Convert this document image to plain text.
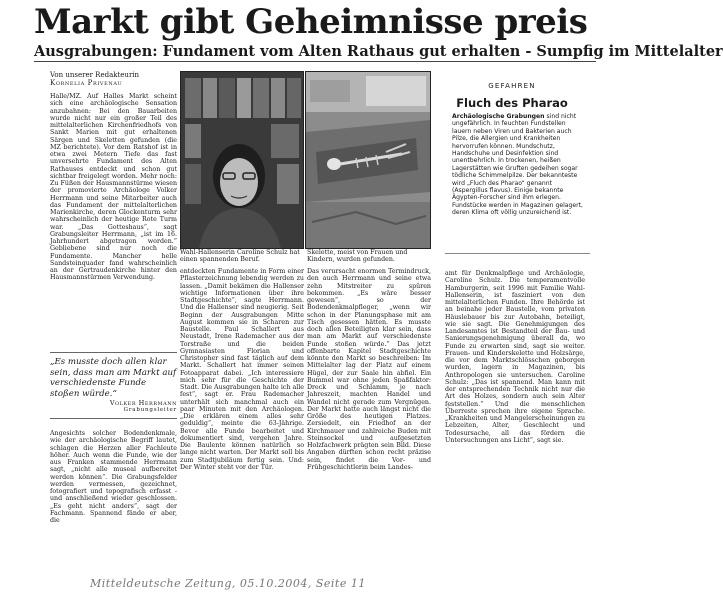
Markt gibt Geheimnisse preis
Ausgrabungen: Fundament vom Alten Rathaus gut erhalten - Sumpfig im Mittelalter
Von unserer Redakteurin
Kornelia Privenau

Halle/MZ. Auf Halles Markt scheint sich eine archäologische Sensation anzubahnen: Bei den Bauarbeiten wurde nicht nur ein großer Teil des mittelalterlichen Kirchenfriedhofs von Sankt Marien mit gut erhaltenen Särgen und Skeletten gefunden (die MZ berichtete). Vor dem Ratshof ist in etwa zwei Metern Tiefe das fast unversehrte Fundament des Alten Rathauses entdeckt und schon gut sichtbar freigelegt worden. Mehr noch: Zu Füßen der Hausmannstürme wiesen der promovierte Archäologe Volker Herrmann und seine Mitarbeiter auch das Fundament der mittelalterlichen Marienkirche, deren Glockenturm sehr wahrscheinlich der heutige Rote Turm war. „Das Gotteshaus“, sagt Grabungsleiter Herrmann, „ist im 16. Jahrhundert abgetragen worden.“ Gebliebene sind nur noch die Fundamente. Mancher helle Sandsteinquader fand wahrscheinlich an der Gertraudenkirche hinter den Hausmannstürmen Verwendung.

„Es musste doch allen klar sein, dass man am Markt auf verschiedenste Funde stoßen würde.“
Volker Herrmann
Grabungsleiter

Angesichts solcher Bodendenkmale, wie der archäologische Begriff lautet, schlagen die Herzen aller Fachleute höher. Auch wenn die Funde, wie der aus Franken stammende Herrmann sagt, „nicht alle museal aufbereitet werden können“. Die Grabungsfelder werden vermessen, gezeichnet, fotografiert und topografisch erfasst - und anschließend wieder geschlossen. „Es geht nicht anders“, sagt der Fachmann. Spannend fände er aber, die

Wahl-Hallenserin Caroline Schulz hat einen spannenden Beruf.
Skelette, meist von Frauen und Kindern, wurden gefunden.

entdeckten Fundamente in Form einer Pflasterzeichnung lebendig werden zu lassen. „Damit bekämen die Hallenser wichtige Informationen über ihre Stadtgeschichte“, sagte Herrmann. Und die Hallenser sind neugierig. Seit Beginn der Ausgrabungen Mitte August kommen sie in Scharen zur Baustelle. Paul Schallert aus Neustadt, Irene Rademacher aus der Torstraße und die beiden Gymnasiasten Florian und Christopher sind fast täglich auf dem Markt. Schallert hat immer seinen Fotoapparat dabei. „Ich interessiere mich sehr für die Geschichte der Stadt. Die Ausgrabungen halte ich alle fest“, sagt er. Frau Rademacher unterhält sich manchmal auch ein paar Minuten mit den Archäologen. „Die erklären einem alles sehr geduldig“, meinte die 63-Jährige. Bevor alle Funde bearbeitet und dokumentiert sind, vergehen Jahre. Die Baulente können natürlich so lange nicht warten. Der Markt soll bis zum Stadtjubiläum fertig sein. Und: Der Winter steht vor der Tür.

Das verursacht enormen Termindruck, den auch Herrmann und seine etwa zehn Mitstreiter zu spüren bekommen. „Es wäre besser gewesen“, so der Bodendenkmalpfleger, „wenn wir schon in der Planungsphase mit am Tisch gesessen hätten. Es musste doch allen Beteiligten klar sein, dass man am Markt auf verschiedenste Funde stoßen würde.“ Das jetzt offenbarte Kapitel Stadtgeschichte könnte den Markt so beschreiben: Im Mittelalter lag der Platz auf einem Hügel, der zur Saale hin abfiel. Ein Bummel war ohne jeden Spaßfaktor: Dreck und Schlamm, je nach Jahreszeit, machten Handel und Wandel nicht gerade zum Vergnügen. Der Markt hatte auch längst nicht die Größe des heutigen Platzes. Zersiedelt, ein Friedhof an der Kirchmauer und zahlreiche Buden mit Steinsockel und aufgesetzten Holzfachwerk prägten sein Bild. Diese Angaben dürften schon recht präzise sein, findet die Vor- und Frühgeschichtlerin beim Landes-

GEFAHREN
Fluch des Pharao
Archäologische Grabungen sind nicht ungefährlich. In feuchten Fundstellen lauern neben Viren und Bakterien auch Pilze, die Allergien und Krankheiten hervorrufen können. Mundschutz, Handschuhe und Desinfektion sind unentbehrlich. In trockenen, heißen Lagerstätten wie Gruften gedeihen sogar tödliche Schimmelpilze. Der bekannteste wird „Fluch des Pharao“ genannt (Aspergillus flavus). Einige bekannte Ägypten-Forscher sind ihm erlegen. Fundstücke werden in Magazinen gelagert, deren Klima oft völlig unzureichend ist.

amt für Denkmalpflege und Archäologie, Caroline Schulz. Die temperamentvolle Hamburgerin, seit 1996 mit Familie Wahl-Hallenserin, ist fasziniert von den mittelalterlichen Funden. Ihre Behörde ist an beinahe jeder Baustelle, vom privaten Häuslebauer bis zur Autobahn, beteiligt, wie sie sagt. Die Genehmigungen des Landesamtes ist Bestandteil der Bau- und Sanierungsgenehmigung überall da, wo Funde zu erwarten sind, sagt sie weiter. Frauen- und Kinderskelette und Holzsärge, die vor dem Marktschlösschen geborgen wurden, lagern in Magazinen, bis Anthropologen sie untersuchen. Caroline Schulz: „Das ist spannend. Man kann mit der entsprechenden Technik nicht nur die Art des Holzes, sondern auch sein Alter feststellen.“ Und die menschlichen Überreste sprechen ihre eigene Sprache. „Krankheiten und Mangelerscheinungen zu Lebzeiten, Alter, Geschlecht und Todesursache, all das fördern die Untersuchungen ans Licht“, sagt sie.

Mitteldeutsche Zeitung, 05.10.2004, Seite 11
